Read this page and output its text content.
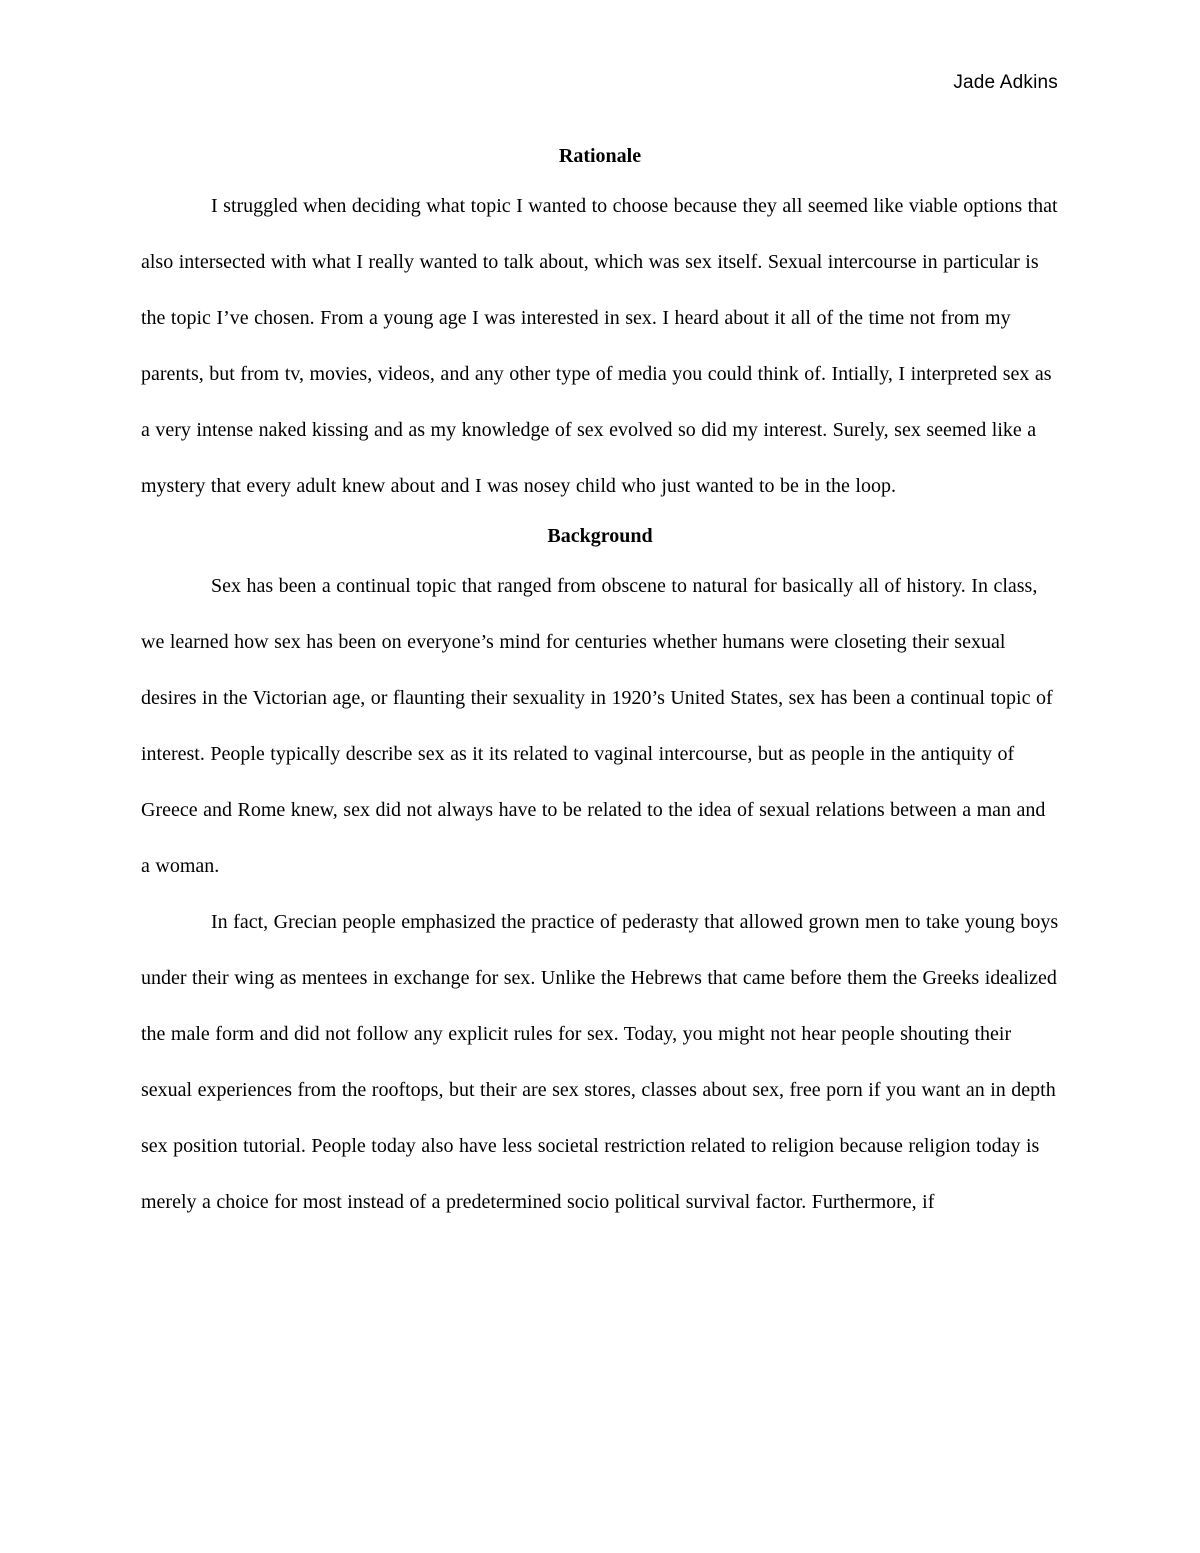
Jade Adkins
Rationale

I struggled when deciding what topic I wanted to choose because they all seemed like viable options that also intersected with what I really wanted to talk about, which was sex itself. Sexual intercourse in particular is the topic I’ve chosen. From a young age I was interested in sex. I heard about it all of the time not from my parents, but from tv, movies, videos, and any other type of media you could think of. Intially, I interpreted sex as a very intense naked kissing and as my knowledge of sex evolved so did my interest. Surely, sex seemed like a mystery that every adult knew about and I was nosey child who just wanted to be in the loop.

Background

Sex has been a continual topic that ranged from obscene to natural for basically all of history. In class, we learned how sex has been on everyone’s mind for centuries whether humans were closeting their sexual desires in the Victorian age, or flaunting their sexuality in 1920’s United States, sex has been a continual topic of interest. People typically describe sex as it its related to vaginal intercourse, but as people in the antiquity of Greece and Rome knew, sex did not always have to be related to the idea of sexual relations between a man and a woman.

In fact, Grecian people emphasized the practice of pederasty that allowed grown men to take young boys under their wing as mentees in exchange for sex. Unlike the Hebrews that came before them the Greeks idealized the male form and did not follow any explicit rules for sex. Today, you might not hear people shouting their sexual experiences from the rooftops, but their are sex stores, classes about sex, free porn if you want an in depth sex position tutorial. People today also have less societal restriction related to religion because religion today is merely a choice for most instead of a predetermined socio political survival factor. Furthermore, if
